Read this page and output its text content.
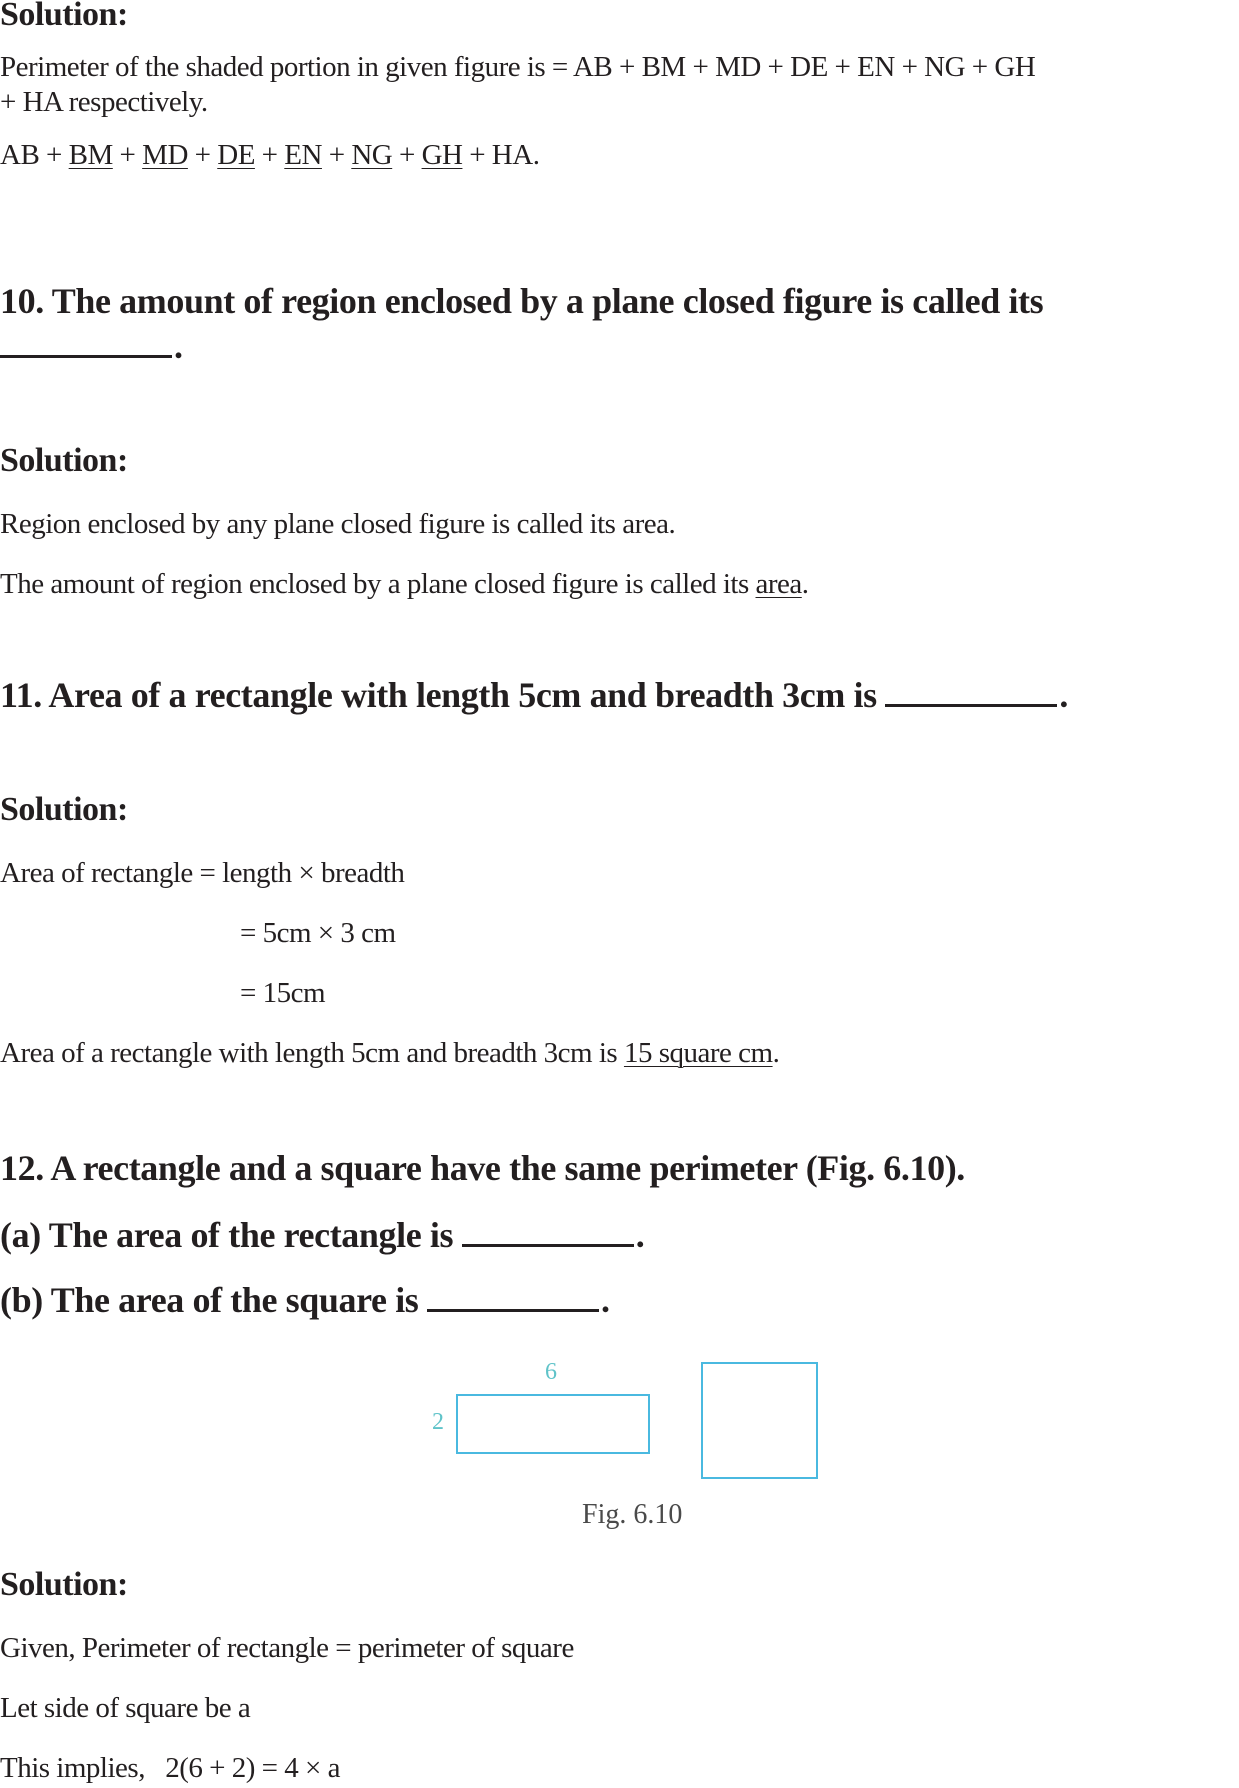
Solution:
Perimeter of the shaded portion in given figure is = AB + BM + MD + DE + EN + NG + GH
+ HA respectively.
AB + BM + MD + DE + EN + NG + GH + HA.
10. The amount of region enclosed by a plane closed figure is called its
.
Solution:
Region enclosed by any plane closed figure is called its area.
The amount of region enclosed by a plane closed figure is called its area.
11. Area of a rectangle with length 5cm and breadth 3cm is	.
Solution:
Area of rectangle = length × breadth
= 5cm × 3 cm
= 15cm
Area of a rectangle with length 5cm and breadth 3cm is 15 square cm.
12. A rectangle and a square have the same perimeter (Fig. 6.10).
(a) The area of the rectangle is	.
(b) The area of the square is	.
6
2
Fig. 6.10
Solution:
Given, Perimeter of rectangle = perimeter of square
Let side of square be a
This implies,   2(6 + 2) = 4 × a
